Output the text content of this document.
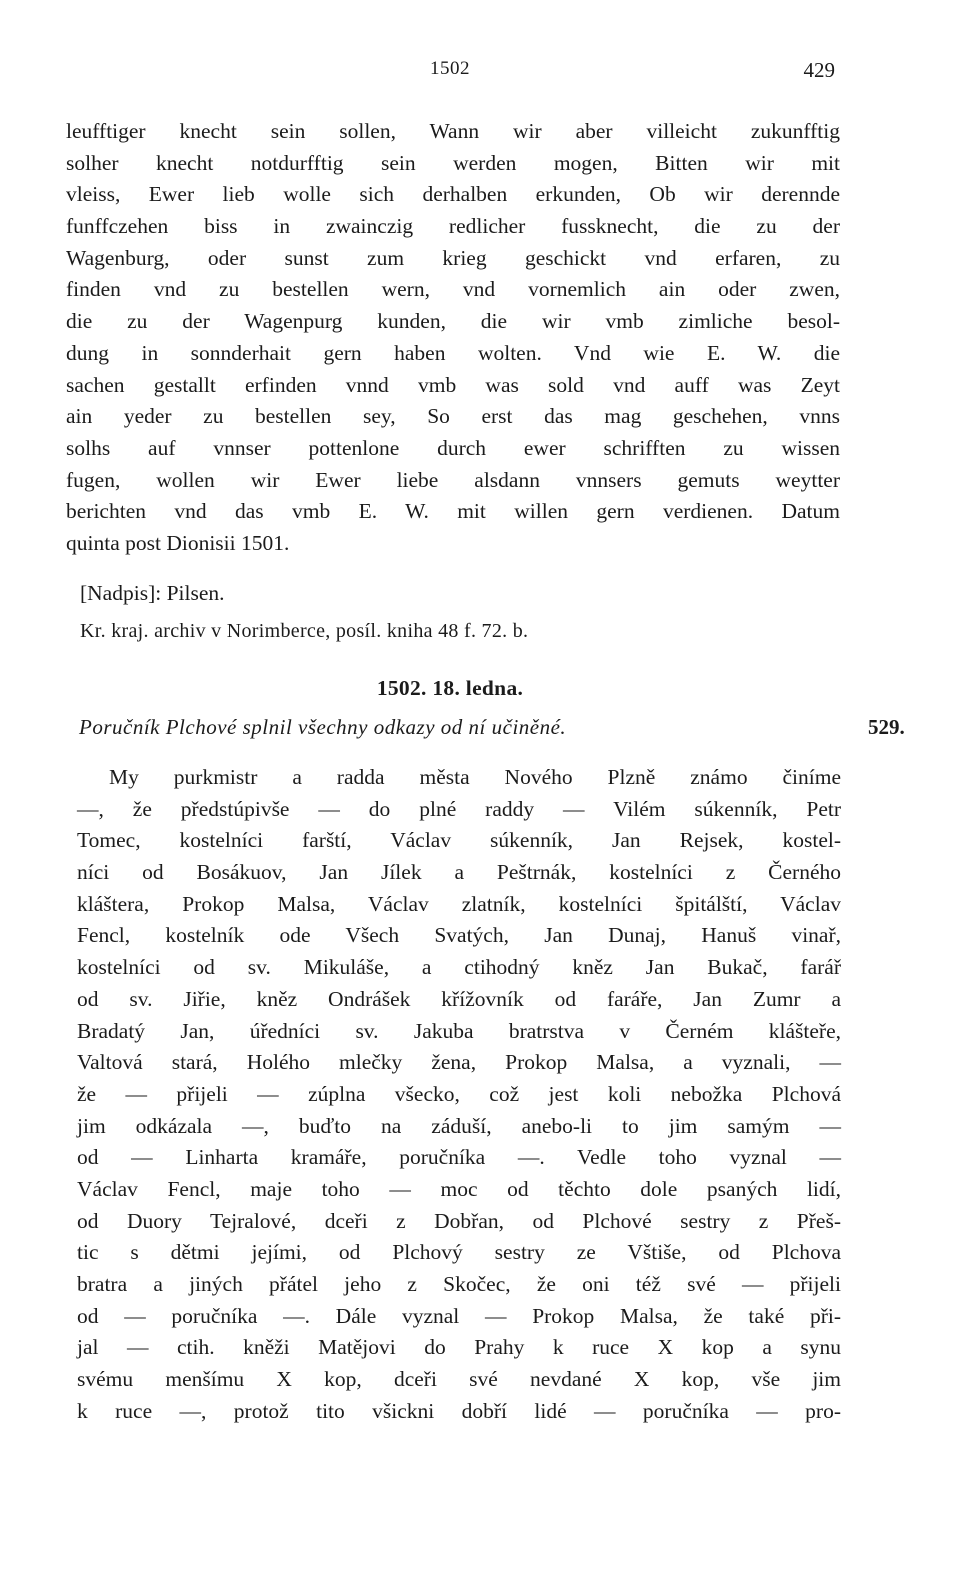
1502	429
leufftiger knecht sein sollen, Wann wir aber villeicht zukunfftig
solher knecht notdurfftig sein werden mogen, Bitten wir mit
vleiss, Ewer lieb wolle sich derhalben erkunden, Ob wir derennde
funffczehen biss in zwainczig redlicher fussknecht, die zu der
Wagenburg, oder sunst zum krieg geschickt vnd erfaren, zu
finden vnd zu bestellen wern, vnd vornemlich ain oder zwen,
die zu der Wagenpurg kunden, die wir vmb zimliche besol-
dung in sonnderhait gern haben wolten. Vnd wie E. W. die
sachen gestallt erfinden vnnd vmb was sold vnd auff was Zeyt
ain yeder zu bestellen sey, So erst das mag geschehen, vnns
solhs auf vnnser pottenlone durch ewer schrifften zu wissen
fugen, wollen wir Ewer liebe alsdann vnnsers gemuts weytter
berichten vnd das vmb E. W. mit willen gern verdienen. Datum
quinta post Dionisii 1501.
[Nadpis]: Pilsen.
Kr. kraj. archiv v Norimberce, posíl. kniha 48 f. 72. b.
1502. 18. ledna.
Poručník Plchové splnil všechny odkazy od ní učiněné.	529.
My purkmistr a radda města Nového Plzně známo činíme
—, že předstúpivše — do plné raddy — Vilém súkenník, Petr
Tomec, kostelníci farští, Václav súkenník, Jan Rejsek, kostel-
níci od Bosákuov, Jan Jílek a Peštrnák, kostelníci z Černého
kláštera, Prokop Malsa, Václav zlatník, kostelníci špitálští, Václav
Fencl, kostelník ode Všech Svatých, Jan Dunaj, Hanuš vinař,
kostelníci od sv. Mikuláše, a ctihodný kněz Jan Bukač, farář
od sv. Jiřie, kněz Ondrášek křížovník od faráře, Jan Zumr a
Bradatý Jan, úředníci sv. Jakuba bratrstva v Černém klášteře,
Valtová stará, Holého mlečky žena, Prokop Malsa, a vyznali, —
že — přijeli — zúplna všecko, což jest koli nebožka Plchová
jim odkázala —, buďto na záduší, anebo-li to jim samým —
od — Linharta kramáře, poručníka —. Vedle toho vyznal —
Václav Fencl, maje toho — moc od těchto dole psaných lidí,
od Duory Tejralové, dceři z Dobřan, od Plchové sestry z Přeš-
tic s dětmi jejími, od Plchový sestry ze Vštiše, od Plchova
bratra a jiných přátel jeho z Skočec, že oni též své — přijeli
od — poručníka —. Dále vyznal — Prokop Malsa, že také při-
jal — ctih. kněži Matějovi do Prahy k ruce X kop a synu
svému menšímu X kop, dceři své nevdané X kop, vše jim
k ruce —, protož tito všickni dobří lidé — poručníka — pro-
